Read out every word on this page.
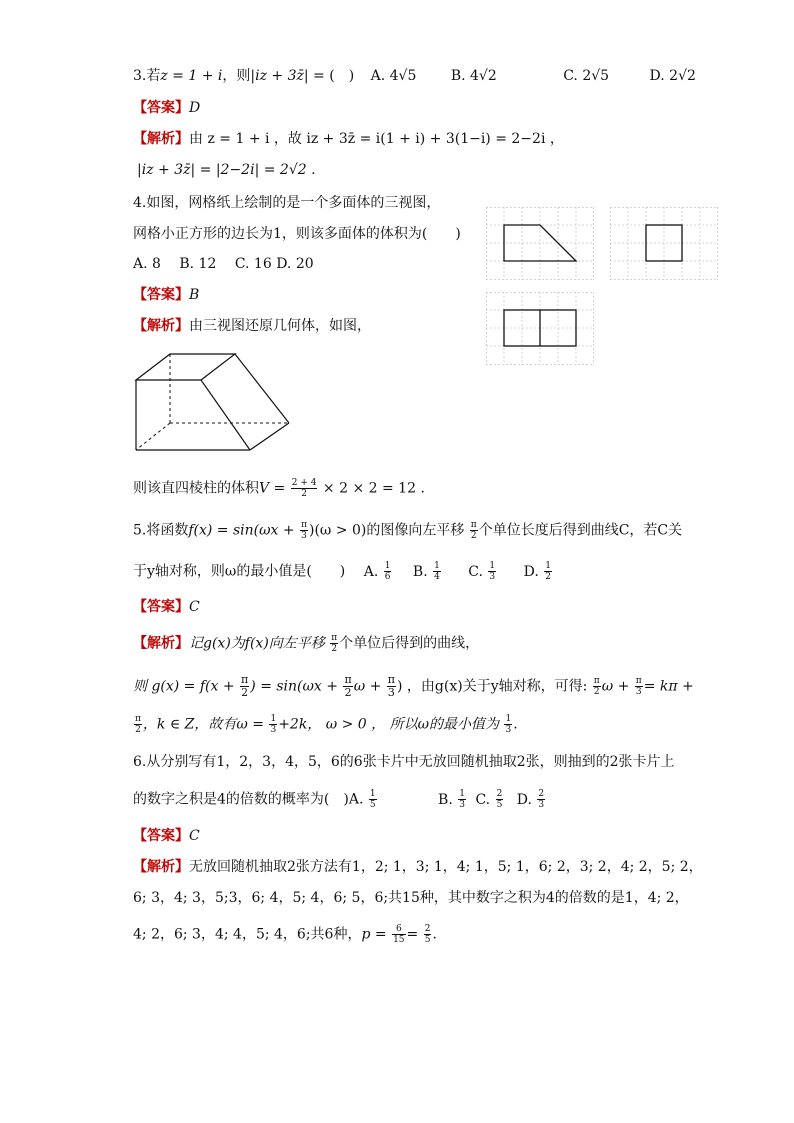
3.若z = 1 + i，则|iz + 3z̄| = (　) A. 4√5 B. 4√2	C. 2√5	D. 2√2
【答案】D
【解析】由 z = 1 + i ，故 iz + 3z̄ = i(1 + i) + 3(1−i) = 2−2i ，
|iz + 3z̄| = |2−2i| = 2√2 .
4.如图，网格纸上绘制的是一个多面体的三视图，
网格小正方形的边长为1，则该多面体的体积为(　　)
A. 8　 B. 12　 C. 16 D. 20
【答案】B
【解析】由三视图还原几何体，如图，
则该直四棱柱的体积$V = \frac{2 + 4}{2} \times 2 \times 2 = 12$ .
5.将函数$f(x) = \sin(\omega x + \frac{\pi}{3} )(\omega > 0)$的图像向左平移 $\frac{\pi}{2}$ 个单位长度后得到曲线C，若C关
于y轴对称，则ω的最小值是(　　) A. $\frac{1}{6} B$. $\frac{1}{4} C$. $\frac{1}{3} D$. $\frac{1}{2}$
【答案】C
【解析】记g(x)为f(x)向左平移 $\frac{\pi}{2}$ 个单位后得到的曲线，
则 $g(x) = f(x + \frac{\pi}{2}$ ) = $\sin(\omega x + \frac{\pi}{2}$ $\omega + \frac{\pi}{3}$ ) ，由g(x)关于y轴对称，可得: $\frac{\pi}{2}$ $\omega + \frac{\pi}{3} = k\pi$ +
$\frac{\pi}{2}$ ，k ∈ Z，故有$\omega = \frac{1}{3} +2k$， ω > 0 ， 所以ω的最小值为 $\frac{1}{3}$ .
6.从分别写有1，2，3，4，5，6的6张卡片中无放回随机抽取2张，则抽到的2张卡片上
的数字之积是4的倍数的概率为(　)A. $\frac{1}{5}$	B. $\frac{1}{3} C$. $\frac{2}{5} D$. $\frac{2}{3}$
【答案】C
【解析】无放回随机抽取2张方法有1，2; 1，3; 1，4; 1，5; 1，6; 2，3; 2，4; 2，5; 2，
6; 3，4; 3，5;3，6; 4，5; 4，6; 5，6;共15种，其中数字之积为4的倍数的是1，4; 2，
4; 2，6; 3，4; 4，5; 4，6;共6种，$p = \frac{6}{15} = \frac{2}{5}$ .
